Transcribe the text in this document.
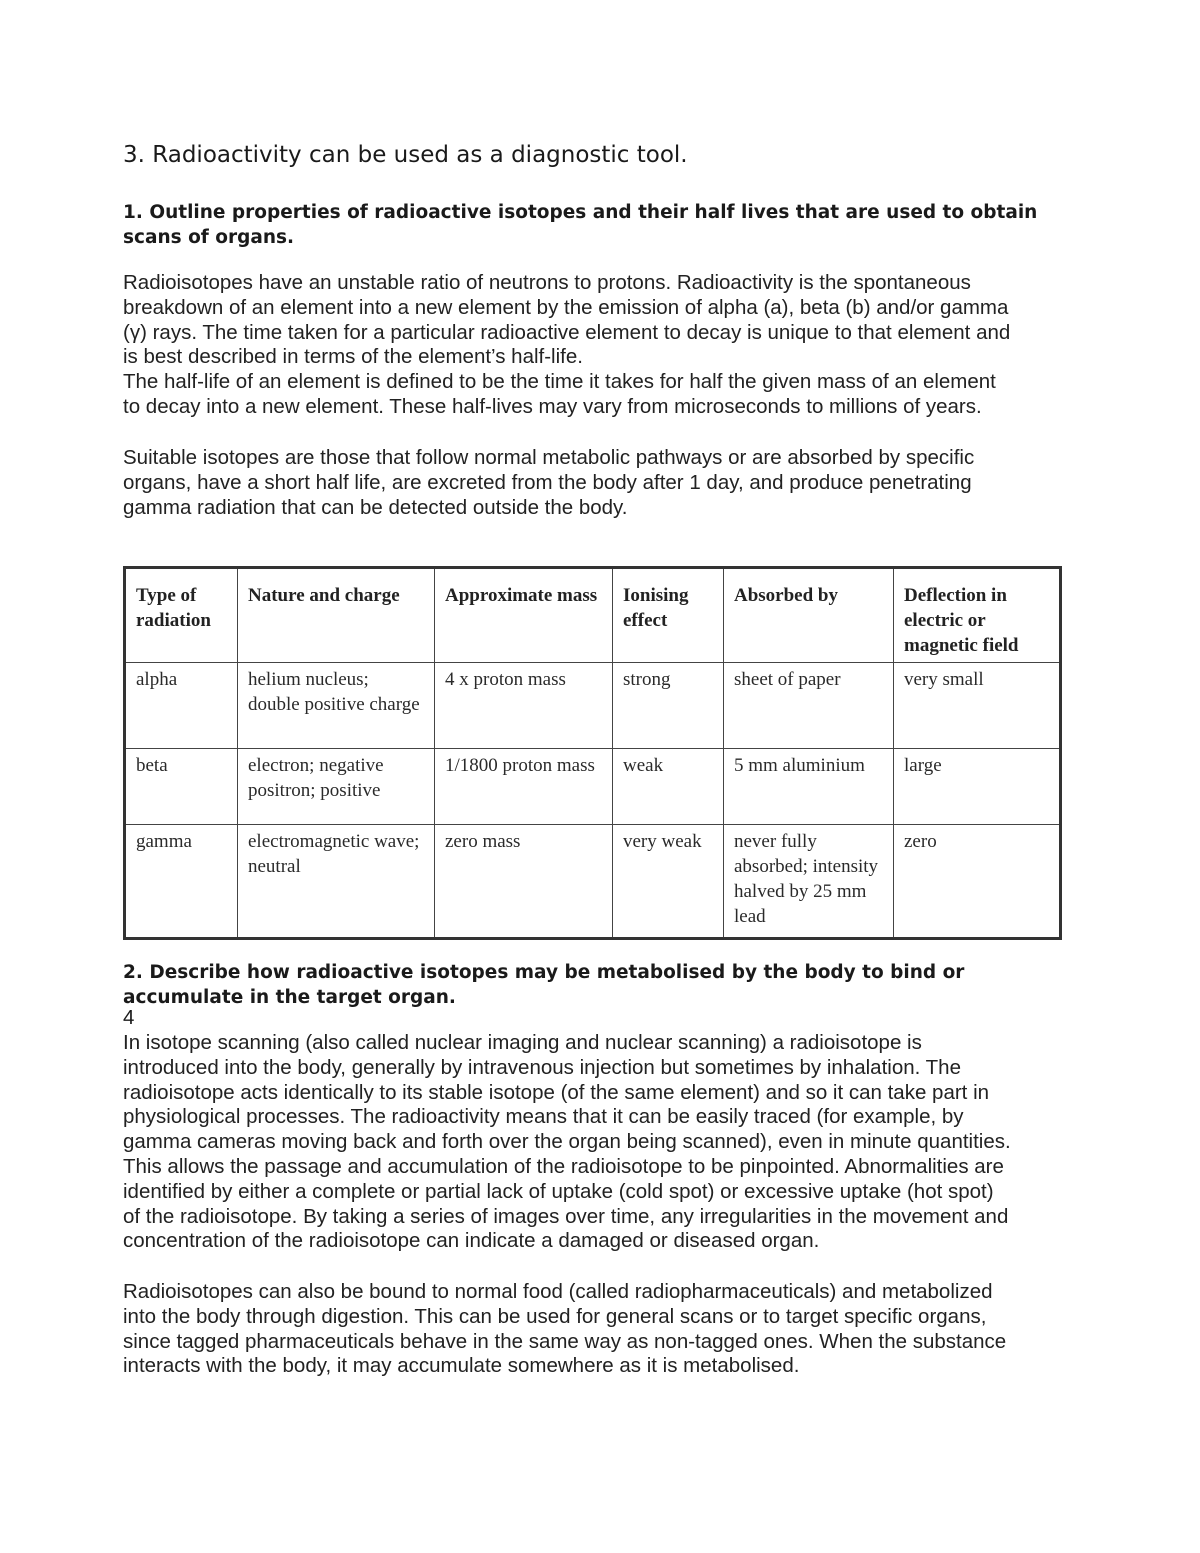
3. Radioactivity can be used as a diagnostic tool.
1. Outline properties of radioactive isotopes and their half lives that are used to obtain scans of organs.

Radioisotopes have an unstable ratio of neutrons to protons. Radioactivity is the spontaneous

breakdown of an element into a new element by the emission of alpha (a), beta (b) and/or gamma

(γ) rays. The time taken for a particular radioactive element to decay is unique to that element and

is best described in terms of the element’s half-life.

The half-life of an element is defined to be the time it takes for half the given mass of an element

to decay into a new element. These half-lives may vary from microseconds to millions of years.

Suitable isotopes are those that follow normal metabolic pathways or are absorbed by specific

organs, have a short half life, are excreted from the body after 1 day, and produce penetrating

gamma radiation that can be detected outside the body.

Type of radiation	Nature and charge	Approximate mass	Ionising effect	Absorbed by	Deflection in electric or magnetic field
alpha	helium nucleus; double positive charge	4 x proton mass	strong	sheet of paper	very small
beta	electron; negative positron; positive	1/1800 proton mass	weak	5 mm aluminium	large
gamma	electromagnetic wave; neutral	zero mass	very weak	never fully absorbed; intensity halved by 25 mm lead	zero
2. Describe how radioactive isotopes may be metabolised by the body to bind or accumulate in the target organ.
4

In isotope scanning (also called nuclear imaging and nuclear scanning) a radioisotope is

introduced into the body, generally by intravenous injection but sometimes by inhalation. The

radioisotope acts identically to its stable isotope (of the same element) and so it can take part in

physiological processes. The radioactivity means that it can be easily traced (for example, by

gamma cameras moving back and forth over the organ being scanned), even in minute quantities.

This allows the passage and accumulation of the radioisotope to be pinpointed. Abnormalities are

identified by either a complete or partial lack of uptake (cold spot) or excessive uptake (hot spot)

of the radioisotope. By taking a series of images over time, any irregularities in the movement and

concentration of the radioisotope can indicate a damaged or diseased organ.

Radioisotopes can also be bound to normal food (called radiopharmaceuticals) and metabolized

into the body through digestion. This can be used for general scans or to target specific organs,

since tagged pharmaceuticals behave in the same way as non-tagged ones. When the substance

interacts with the body, it may accumulate somewhere as it is metabolised.
